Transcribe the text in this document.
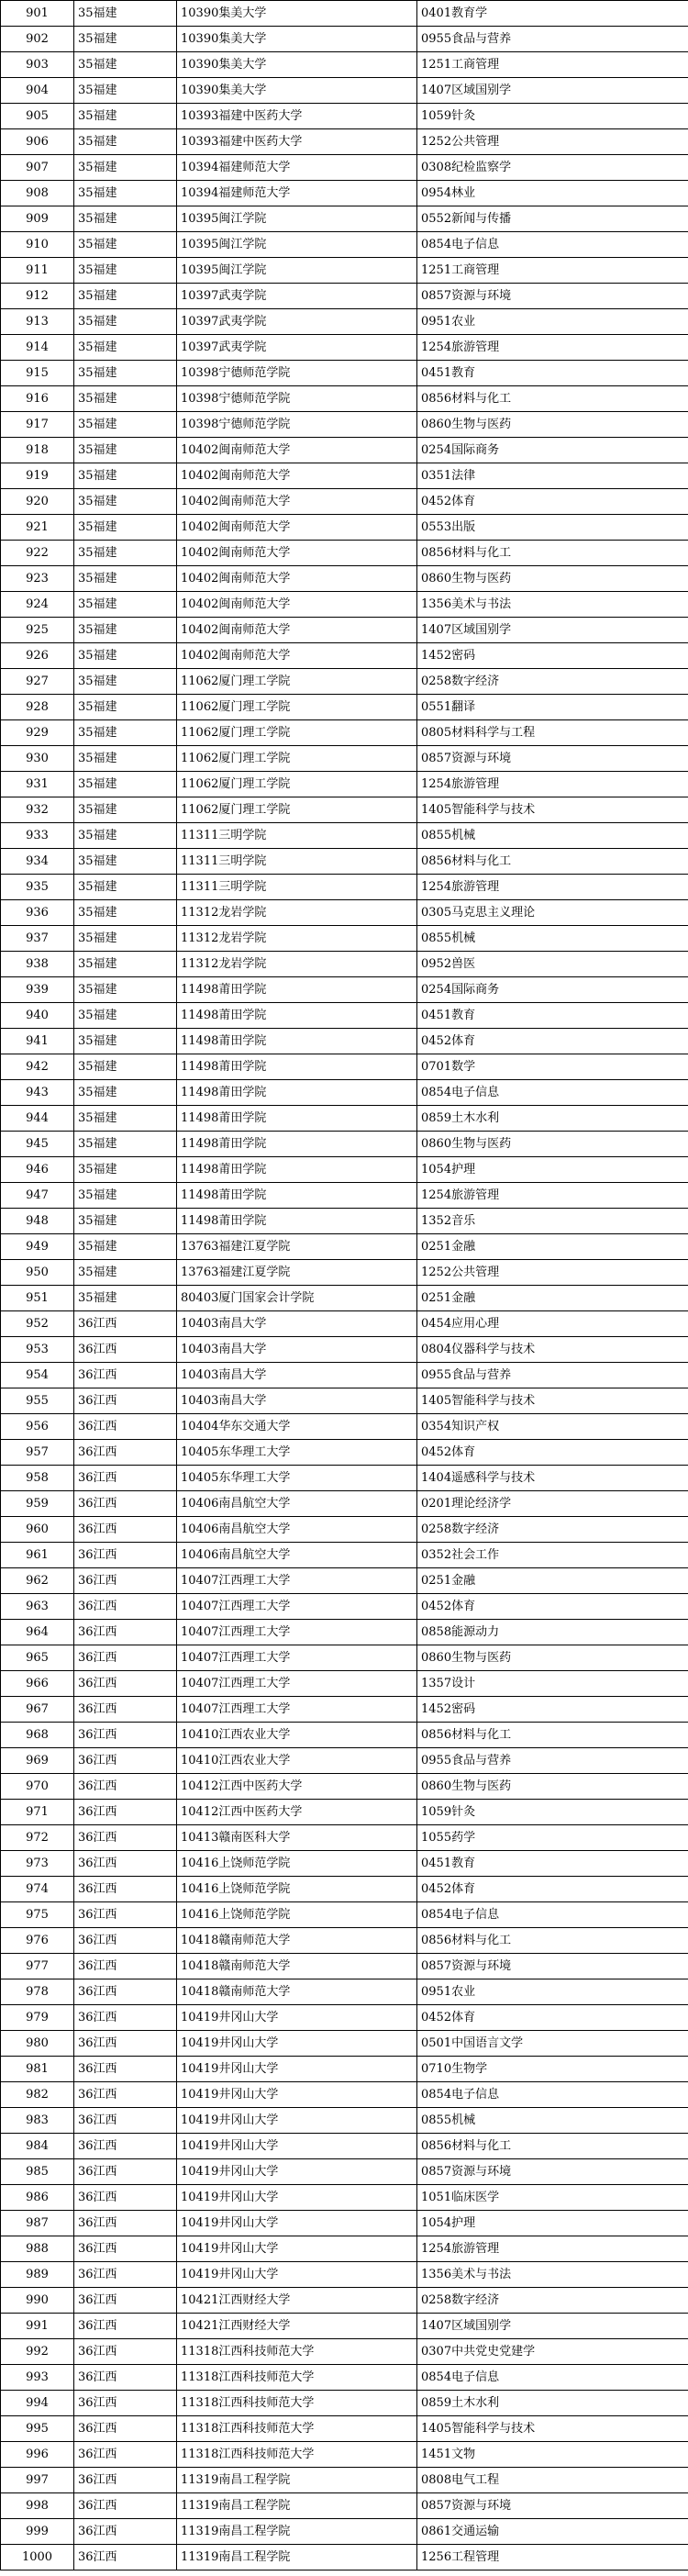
901	35福建	10390集美大学	0401教育学
902	35福建	10390集美大学	0955食品与营养
903	35福建	10390集美大学	1251工商管理
904	35福建	10390集美大学	1407区域国别学
905	35福建	10393福建中医药大学	1059针灸
906	35福建	10393福建中医药大学	1252公共管理
907	35福建	10394福建师范大学	0308纪检监察学
908	35福建	10394福建师范大学	0954林业
909	35福建	10395闽江学院	0552新闻与传播
910	35福建	10395闽江学院	0854电子信息
911	35福建	10395闽江学院	1251工商管理
912	35福建	10397武夷学院	0857资源与环境
913	35福建	10397武夷学院	0951农业
914	35福建	10397武夷学院	1254旅游管理
915	35福建	10398宁德师范学院	0451教育
916	35福建	10398宁德师范学院	0856材料与化工
917	35福建	10398宁德师范学院	0860生物与医药
918	35福建	10402闽南师范大学	0254国际商务
919	35福建	10402闽南师范大学	0351法律
920	35福建	10402闽南师范大学	0452体育
921	35福建	10402闽南师范大学	0553出版
922	35福建	10402闽南师范大学	0856材料与化工
923	35福建	10402闽南师范大学	0860生物与医药
924	35福建	10402闽南师范大学	1356美术与书法
925	35福建	10402闽南师范大学	1407区域国别学
926	35福建	10402闽南师范大学	1452密码
927	35福建	11062厦门理工学院	0258数字经济
928	35福建	11062厦门理工学院	0551翻译
929	35福建	11062厦门理工学院	0805材料科学与工程
930	35福建	11062厦门理工学院	0857资源与环境
931	35福建	11062厦门理工学院	1254旅游管理
932	35福建	11062厦门理工学院	1405智能科学与技术
933	35福建	11311三明学院	0855机械
934	35福建	11311三明学院	0856材料与化工
935	35福建	11311三明学院	1254旅游管理
936	35福建	11312龙岩学院	0305马克思主义理论
937	35福建	11312龙岩学院	0855机械
938	35福建	11312龙岩学院	0952兽医
939	35福建	11498莆田学院	0254国际商务
940	35福建	11498莆田学院	0451教育
941	35福建	11498莆田学院	0452体育
942	35福建	11498莆田学院	0701数学
943	35福建	11498莆田学院	0854电子信息
944	35福建	11498莆田学院	0859土木水利
945	35福建	11498莆田学院	0860生物与医药
946	35福建	11498莆田学院	1054护理
947	35福建	11498莆田学院	1254旅游管理
948	35福建	11498莆田学院	1352音乐
949	35福建	13763福建江夏学院	0251金融
950	35福建	13763福建江夏学院	1252公共管理
951	35福建	80403厦门国家会计学院	0251金融
952	36江西	10403南昌大学	0454应用心理
953	36江西	10403南昌大学	0804仪器科学与技术
954	36江西	10403南昌大学	0955食品与营养
955	36江西	10403南昌大学	1405智能科学与技术
956	36江西	10404华东交通大学	0354知识产权
957	36江西	10405东华理工大学	0452体育
958	36江西	10405东华理工大学	1404遥感科学与技术
959	36江西	10406南昌航空大学	0201理论经济学
960	36江西	10406南昌航空大学	0258数字经济
961	36江西	10406南昌航空大学	0352社会工作
962	36江西	10407江西理工大学	0251金融
963	36江西	10407江西理工大学	0452体育
964	36江西	10407江西理工大学	0858能源动力
965	36江西	10407江西理工大学	0860生物与医药
966	36江西	10407江西理工大学	1357设计
967	36江西	10407江西理工大学	1452密码
968	36江西	10410江西农业大学	0856材料与化工
969	36江西	10410江西农业大学	0955食品与营养
970	36江西	10412江西中医药大学	0860生物与医药
971	36江西	10412江西中医药大学	1059针灸
972	36江西	10413赣南医科大学	1055药学
973	36江西	10416上饶师范学院	0451教育
974	36江西	10416上饶师范学院	0452体育
975	36江西	10416上饶师范学院	0854电子信息
976	36江西	10418赣南师范大学	0856材料与化工
977	36江西	10418赣南师范大学	0857资源与环境
978	36江西	10418赣南师范大学	0951农业
979	36江西	10419井冈山大学	0452体育
980	36江西	10419井冈山大学	0501中国语言文学
981	36江西	10419井冈山大学	0710生物学
982	36江西	10419井冈山大学	0854电子信息
983	36江西	10419井冈山大学	0855机械
984	36江西	10419井冈山大学	0856材料与化工
985	36江西	10419井冈山大学	0857资源与环境
986	36江西	10419井冈山大学	1051临床医学
987	36江西	10419井冈山大学	1054护理
988	36江西	10419井冈山大学	1254旅游管理
989	36江西	10419井冈山大学	1356美术与书法
990	36江西	10421江西财经大学	0258数字经济
991	36江西	10421江西财经大学	1407区域国别学
992	36江西	11318江西科技师范大学	0307中共党史党建学
993	36江西	11318江西科技师范大学	0854电子信息
994	36江西	11318江西科技师范大学	0859土木水利
995	36江西	11318江西科技师范大学	1405智能科学与技术
996	36江西	11318江西科技师范大学	1451文物
997	36江西	11319南昌工程学院	0808电气工程
998	36江西	11319南昌工程学院	0857资源与环境
999	36江西	11319南昌工程学院	0861交通运输
1000	36江西	11319南昌工程学院	1256工程管理
